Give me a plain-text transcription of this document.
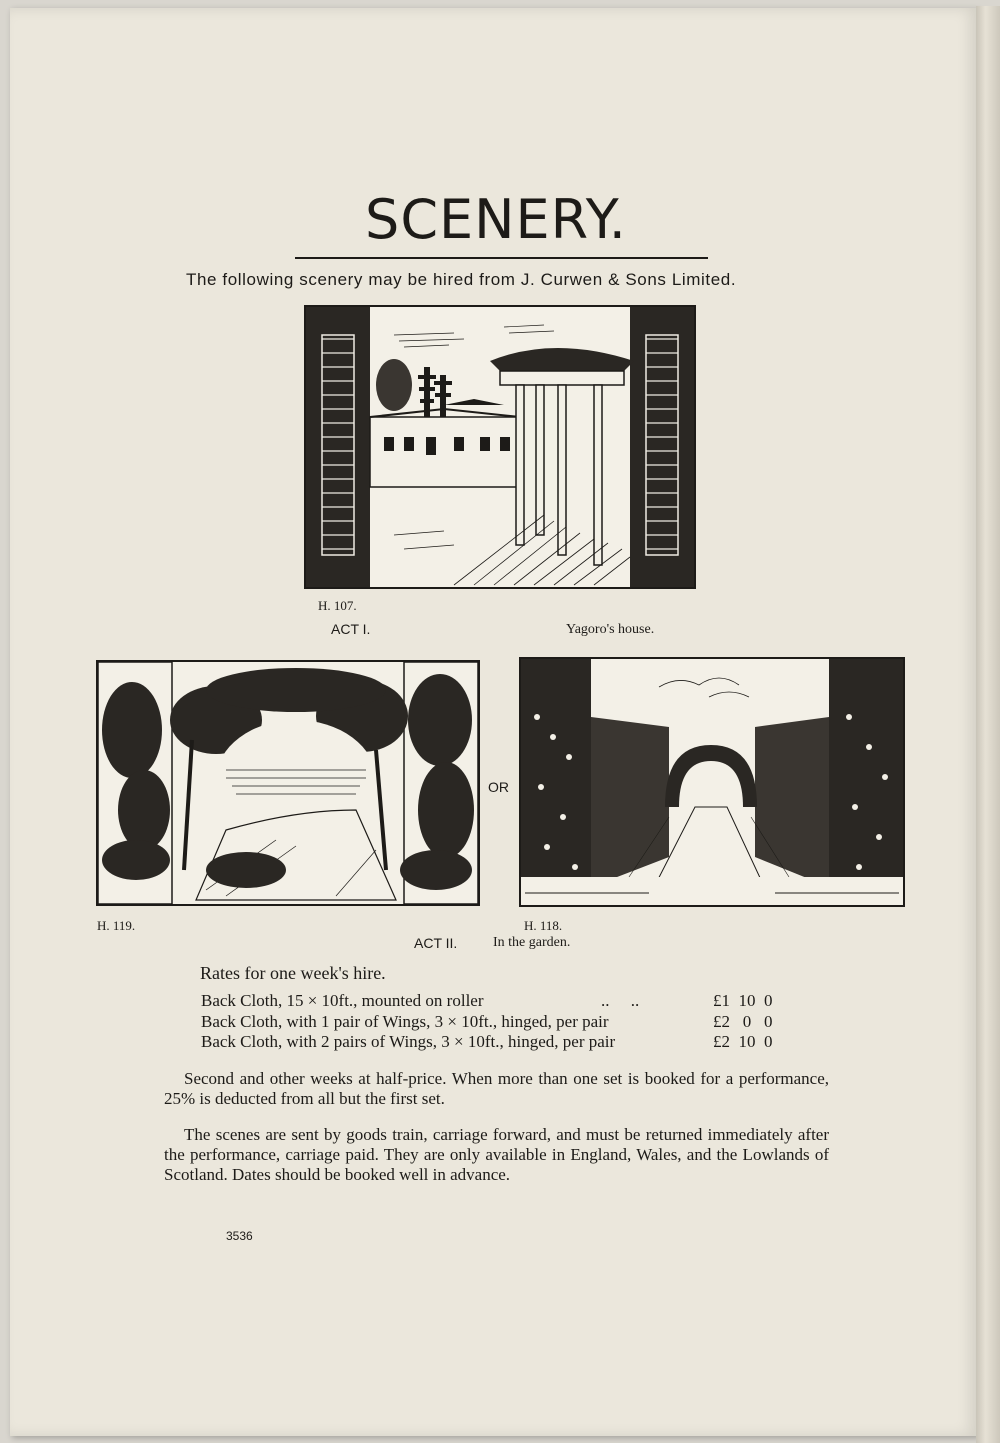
SCENERY.
The following scenery may be hired from J. Curwen & Sons Limited.
H. 107.
ACT I.	Yagoro's house.
OR
H. 119.	H. 118.
ACT II.	In the garden.
Rates for one week's hire.
Back Cloth, 15 × 10ft., mounted on roller	..     ..	£1  10  0
Back Cloth, with 1 pair of Wings, 3 × 10ft., hinged, per pair	£2   0   0
Back Cloth, with 2 pairs of Wings, 3 × 10ft., hinged, per pair	£2  10  0
Second and other weeks at half-price. When more than one set is booked for a performance, 25% is deducted from all but the first set.
The scenes are sent by goods train, carriage forward, and must be returned immediately after the performance, carriage paid. They are only available in England, Wales, and the Lowlands of Scotland. Dates should be booked well in advance.
3536
